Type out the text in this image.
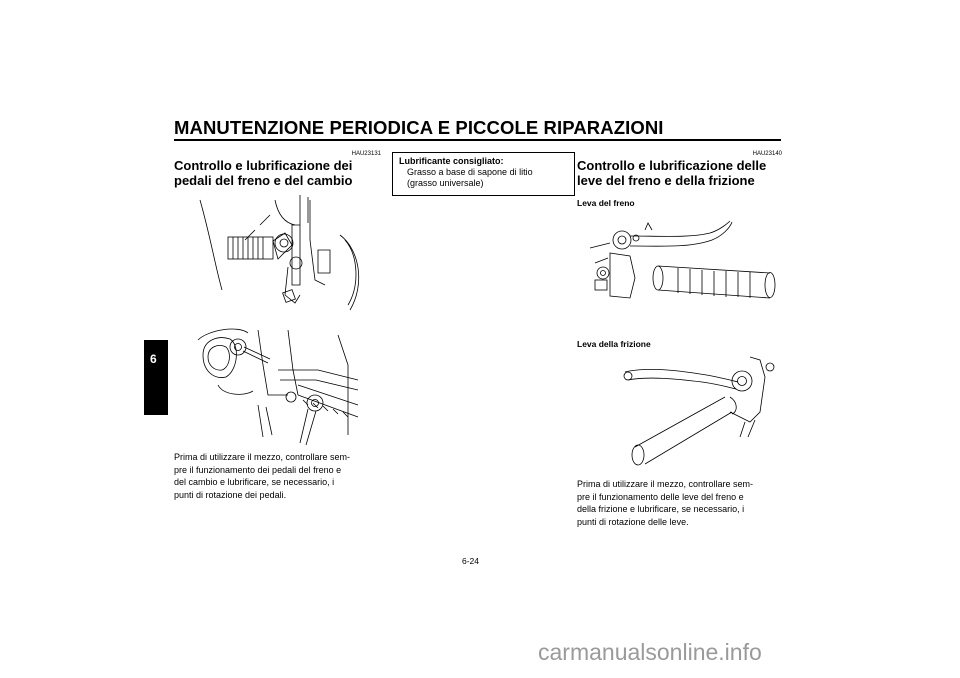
MANUTENZIONE PERIODICA E PICCOLE RIPARAZIONI
6
HAU23131
Controllo e lubrificazione dei
pedali del freno e del cambio
Prima di utilizzare il mezzo, controllare sem-
pre il funzionamento dei pedali del freno e
del cambio e lubrificare, se necessario, i
punti di rotazione dei pedali.
Lubrificante consigliato:
Grasso a base di sapone di litio
(grasso universale)
HAU23140
Controllo e lubrificazione delle
leve del freno e della frizione
Leva del freno
Leva della frizione
Prima di utilizzare il mezzo, controllare sem-
pre il funzionamento delle leve del freno e
della frizione e lubrificare, se necessario, i
punti di rotazione delle leve.
6-24
carmanualsonline.info
